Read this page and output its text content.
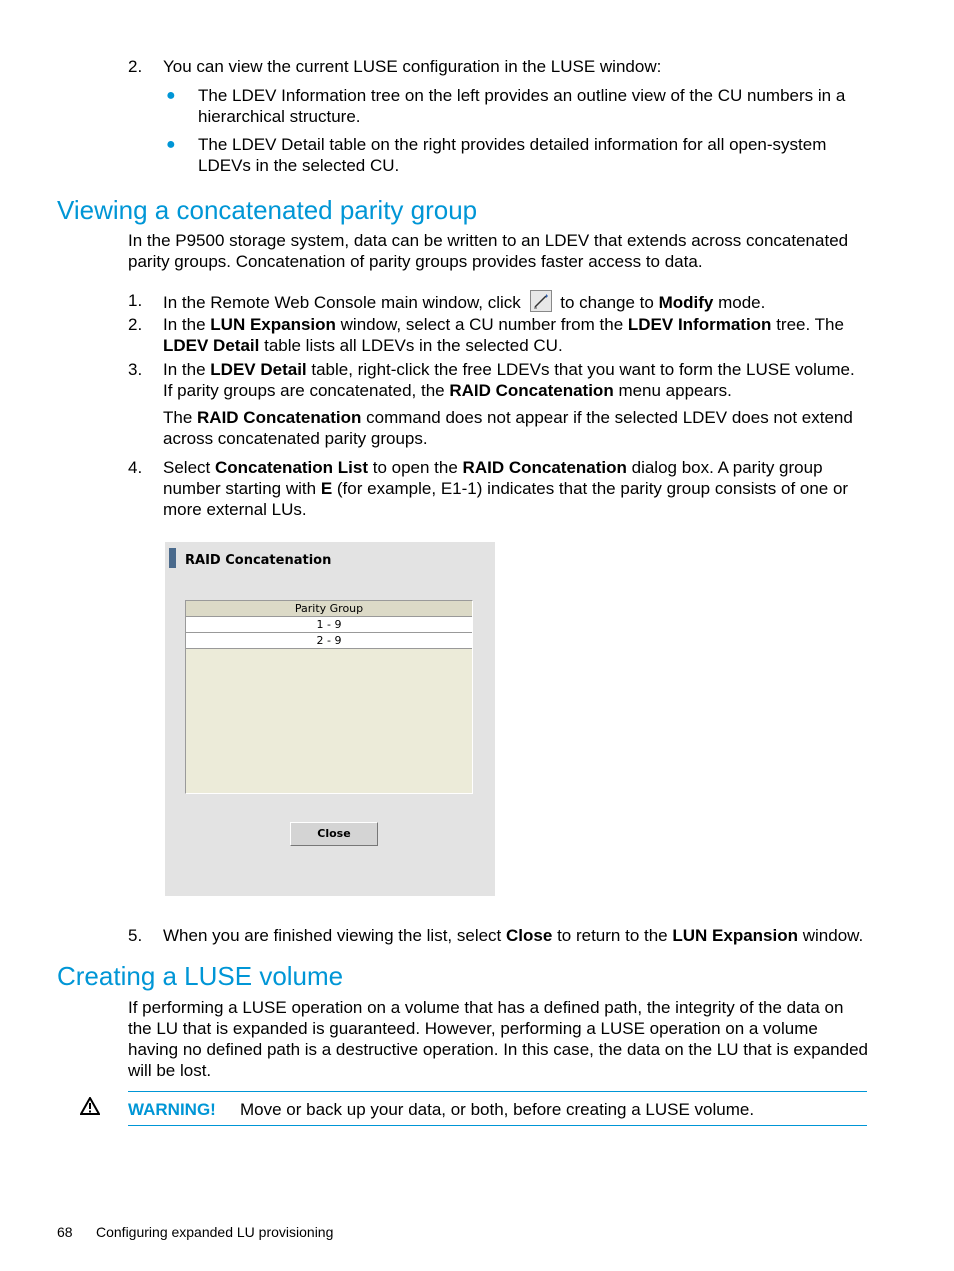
2. You can view the current LUSE configuration in the LUSE window:
● The LDEV Information tree on the left provides an outline view of the CU numbers in a hierarchical structure.
● The LDEV Detail table on the right provides detailed information for all open-system LDEVs in the selected CU.
Viewing a concatenated parity group
In the P9500 storage system, data can be written to an LDEV that extends across concatenated parity groups. Concatenation of parity groups provides faster access to data.
1. In the Remote Web Console main window, click to change to Modify mode.
2. In the LUN Expansion window, select a CU number from the LDEV Information tree. The LDEV Detail table lists all LDEVs in the selected CU.
3. In the LDEV Detail table, right-click the free LDEVs that you want to form the LUSE volume. If parity groups are concatenated, the RAID Concatenation menu appears.
The RAID Concatenation command does not appear if the selected LDEV does not extend across concatenated parity groups.
4. Select Concatenation List to open the RAID Concatenation dialog box. A parity group number starting with E (for example, E1-1) indicates that the parity group consists of one or more external LUs.
RAID Concatenation
Parity Group
1 - 9
2 - 9
Close
5. When you are finished viewing the list, select Close to return to the LUN Expansion window.
Creating a LUSE volume
If performing a LUSE operation on a volume that has a defined path, the integrity of the data on the LU that is expanded is guaranteed. However, performing a LUSE operation on a volume having no defined path is a destructive operation. In this case, the data on the LU that is expanded will be lost.
WARNING! Move or back up your data, or both, before creating a LUSE volume.
68 Configuring expanded LU provisioning
